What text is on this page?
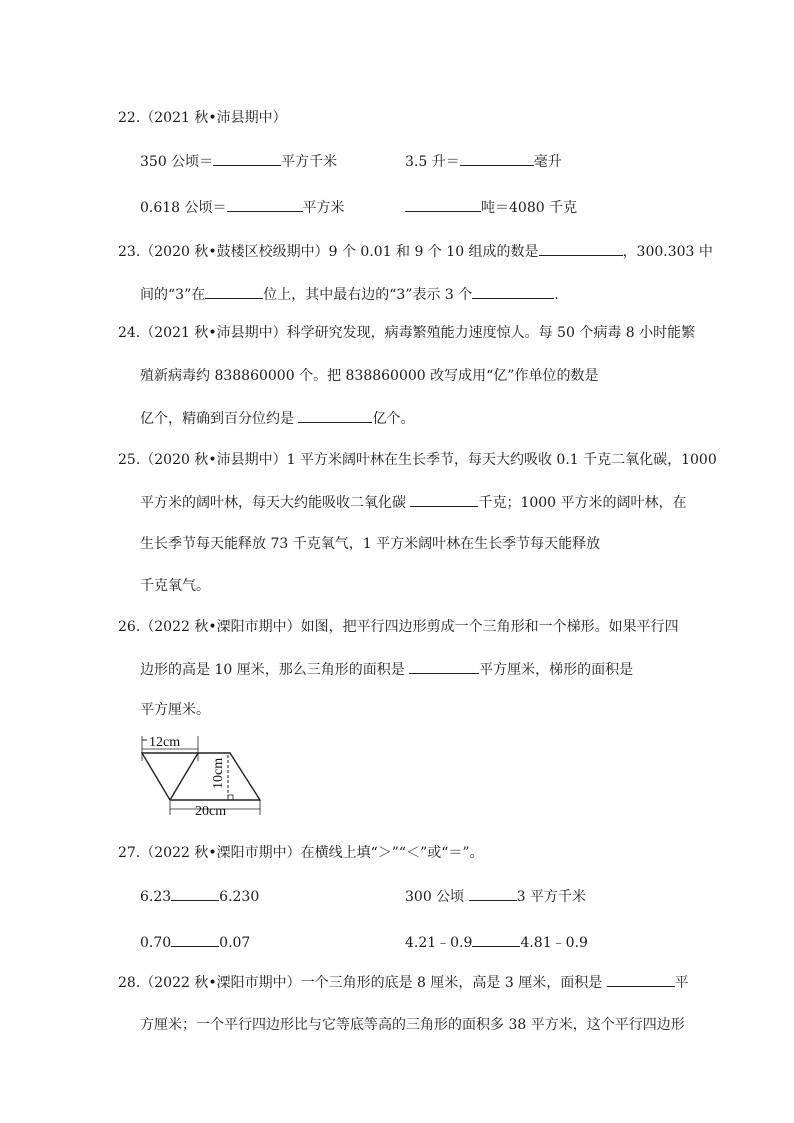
22.（2021 秋•沛县期中）
350 公顷＝	平方千米	3.5 升＝	毫升
0.618 公顷＝	平方米	吨＝4080 千克
23.（2020 秋•鼓楼区校级期中）9 个 0.01 和 9 个 10 组成的数是	，300.303 中
间的“3”在	位上，其中最右边的“3”表示 3 个	.
24.（2021 秋•沛县期中）科学研究发现，病毒繁殖能力速度惊人。每 50 个病毒 8 小时能繁
殖新病毒约 838860000 个。把 838860000 改写成用“亿”作单位的数是
亿个，精确到百分位约是	亿个。
25.（2020 秋•沛县期中）1 平方米阔叶林在生长季节，每天大约吸收 0.1 千克二氧化碳，1000
平方米的阔叶林，每天大约能吸收二氧化碳	千克；1000 平方米的阔叶林，在
生长季节每天能释放 73 千克氧气，1 平方米阔叶林在生长季节每天能释放
千克氧气。
26.（2022 秋•溧阳市期中）如图，把平行四边形剪成一个三角形和一个梯形。如果平行四
边形的高是 10 厘米，那么三角形的面积是	平方厘米，梯形的面积是
平方厘米。
12cm
10cm
20cm
27.（2022 秋•溧阳市期中）在横线上填“＞”“＜”或“＝”。
6.23	6.230	300 公顷	3 平方千米
0.70	0.07	4.21﹣0.9	4.81﹣0.9
28.（2022 秋•溧阳市期中）一个三角形的底是 8 厘米，高是 3 厘米，面积是	平
方厘米；一个平行四边形比与它等底等高的三角形的面积多 38 平方米，这个平行四边形
